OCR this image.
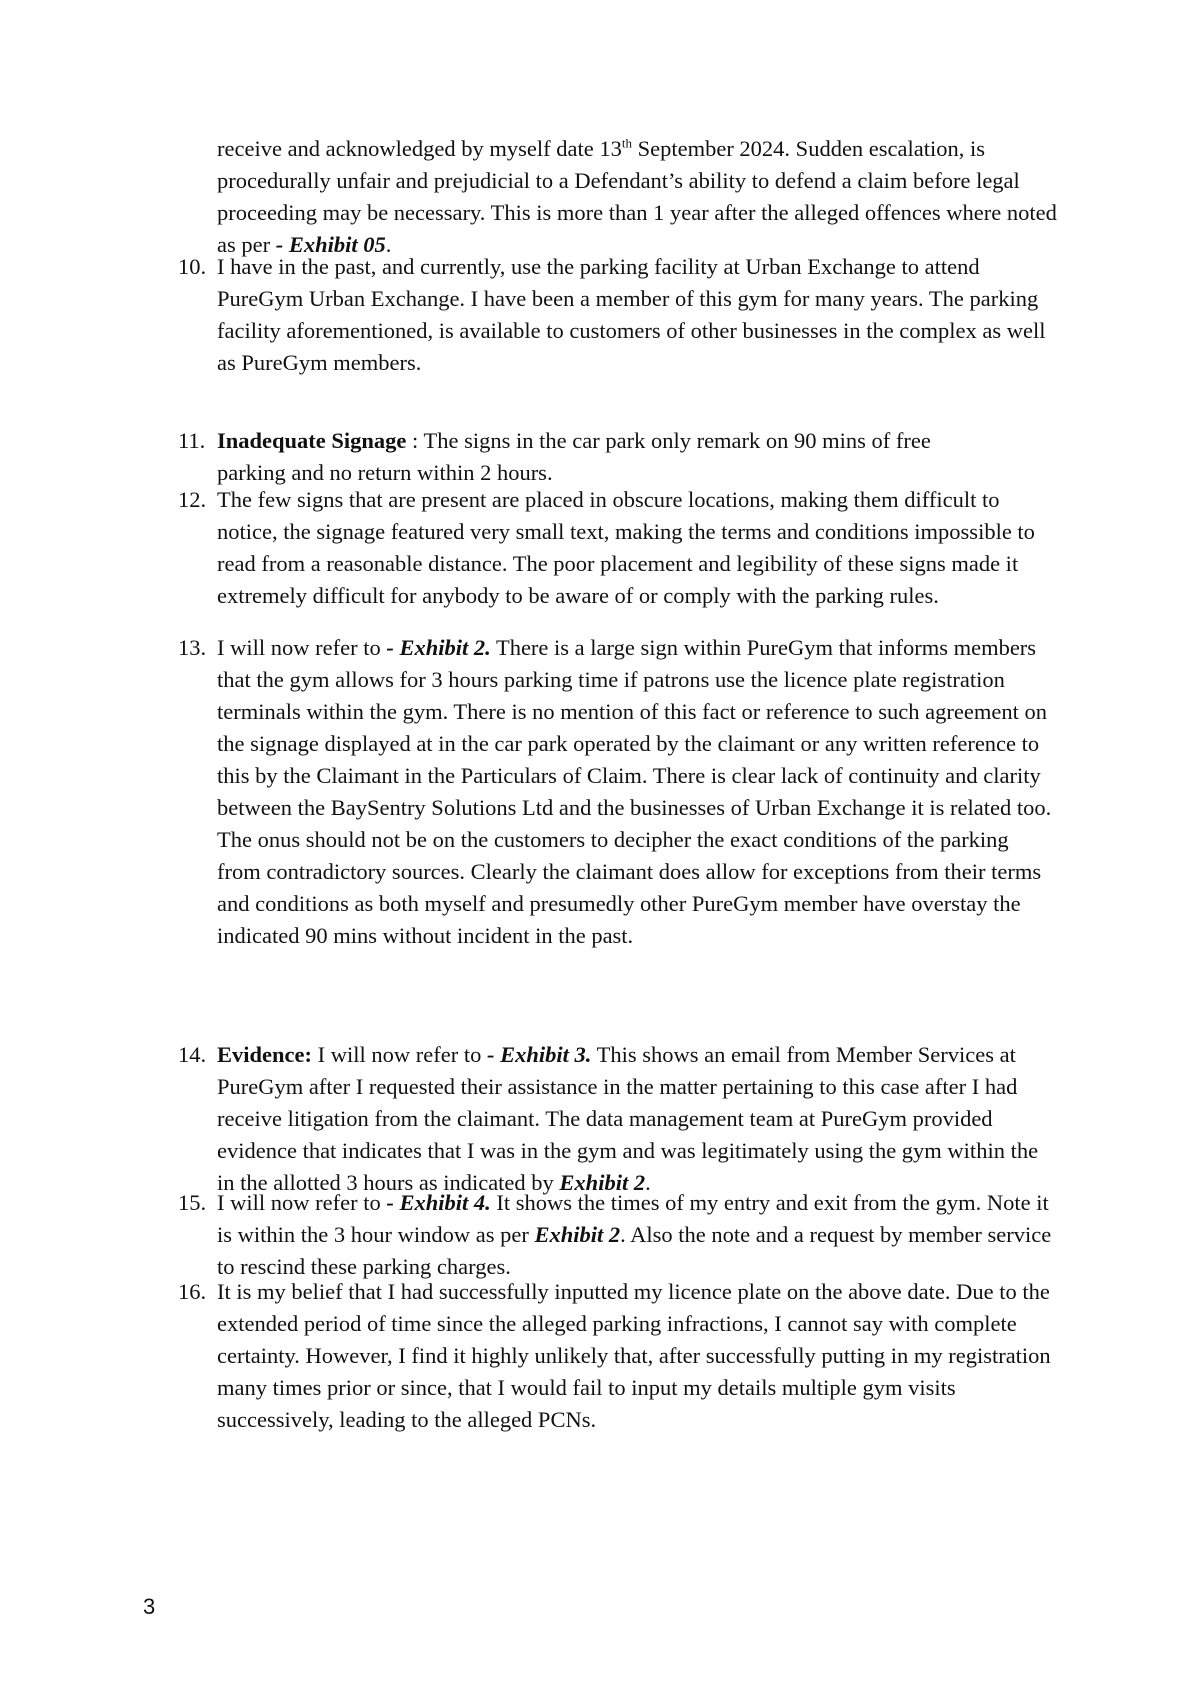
receive and acknowledged by myself date 13th September 2024. Sudden escalation, is procedurally unfair and prejudicial to a Defendant’s ability to defend a claim before legal proceeding may be necessary. This is more than 1 year after the alleged offences where noted as per - Exhibit 05.

10. I have in the past, and currently, use the parking facility at Urban Exchange to attend PureGym Urban Exchange. I have been a member of this gym for many years. The parking facility aforementioned, is available to customers of other businesses in the complex as well as PureGym members.

11. Inadequate Signage : The signs in the car park only remark on 90 mins of free parking and no return within 2 hours.

12. The few signs that are present are placed in obscure locations, making them difficult to notice, the signage featured very small text, making the terms and conditions impossible to read from a reasonable distance. The poor placement and legibility of these signs made it extremely difficult for anybody to be aware of or comply with the parking rules.

13. I will now refer to - Exhibit 2. There is a large sign within PureGym that informs members that the gym allows for 3 hours parking time if patrons use the licence plate registration terminals within the gym. There is no mention of this fact or reference to such agreement on the signage displayed at in the car park operated by the claimant or any written reference to this by the Claimant in the Particulars of Claim. There is clear lack of continuity and clarity between the BaySentry Solutions Ltd and the businesses of Urban Exchange it is related too. The onus should not be on the customers to decipher the exact conditions of the parking from contradictory sources. Clearly the claimant does allow for exceptions from their terms and conditions as both myself and presumedly other PureGym member have overstay the indicated 90 mins without incident in the past.

14. Evidence: I will now refer to - Exhibit 3. This shows an email from Member Services at PureGym after I requested their assistance in the matter pertaining to this case after I had receive litigation from the claimant. The data management team at PureGym provided evidence that indicates that I was in the gym and was legitimately using the gym within the in the allotted 3 hours as indicated by Exhibit 2.

15. I will now refer to - Exhibit 4. It shows the times of my entry and exit from the gym. Note it is within the 3 hour window as per Exhibit 2. Also the note and a request by member service to rescind these parking charges.

16. It is my belief that I had successfully inputted my licence plate on the above date. Due to the extended period of time since the alleged parking infractions, I cannot say with complete certainty. However, I find it highly unlikely that, after successfully putting in my registration many times prior or since, that I would fail to input my details multiple gym visits successively, leading to the alleged PCNs.

3
